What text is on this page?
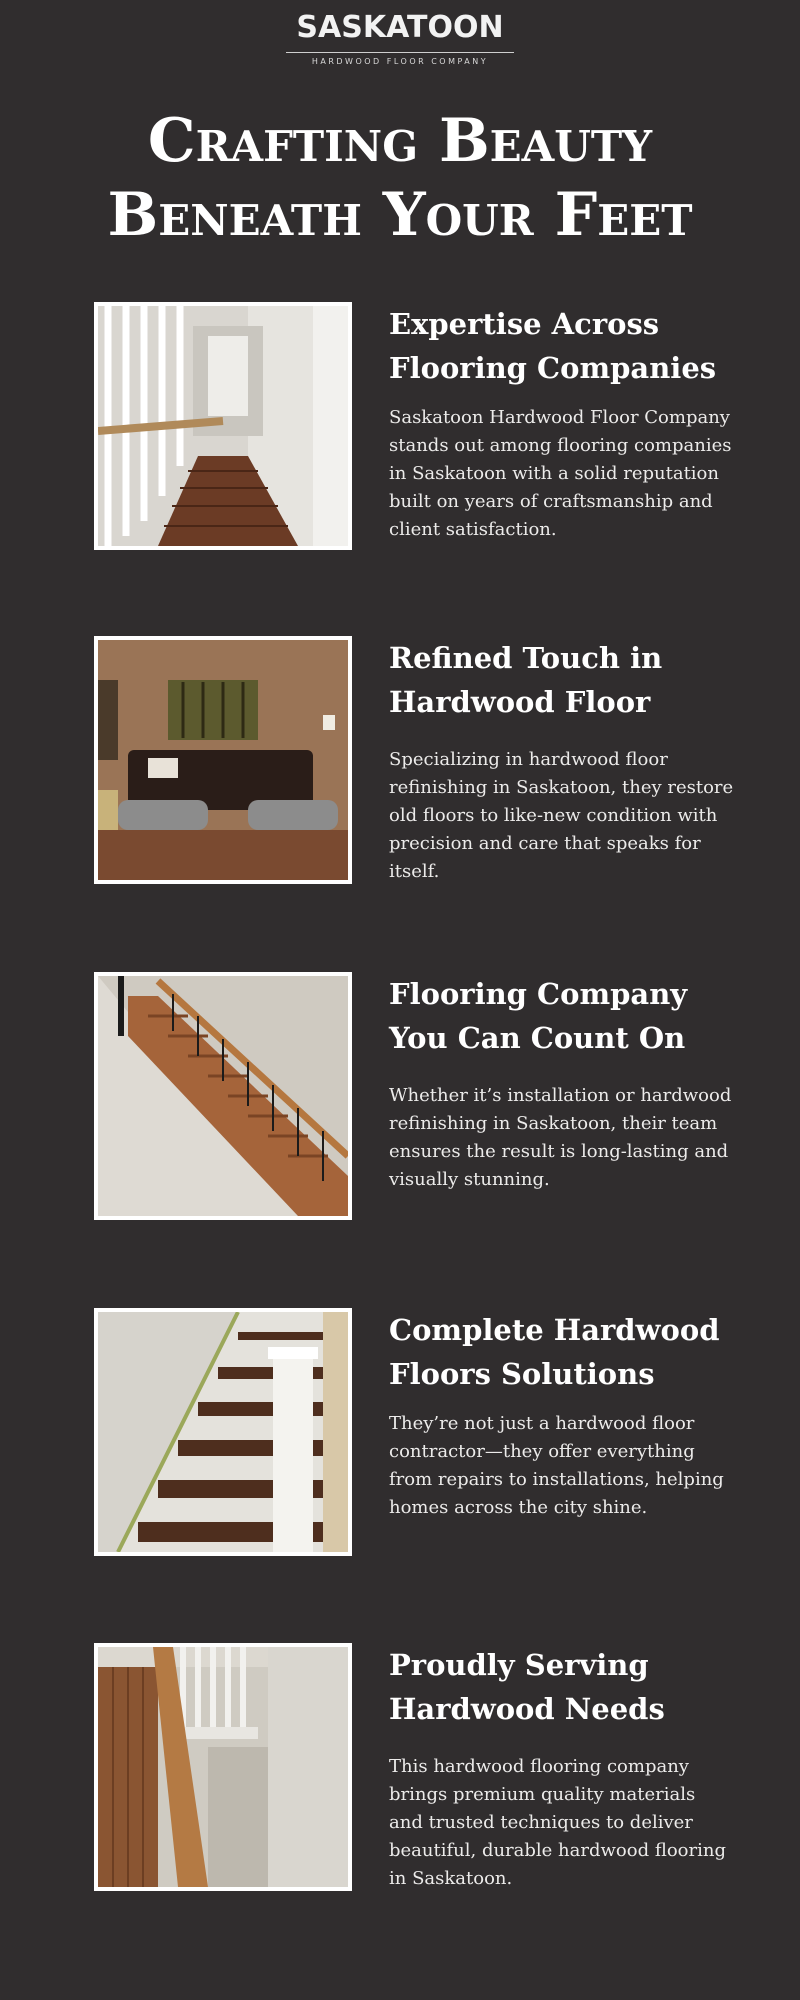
SASKATOON
HARDWOOD FLOOR COMPANY
Crafting Beauty
Beneath Your Feet
Expertise Across
Flooring Companies

Saskatoon Hardwood Floor Company stands out among flooring companies in Saskatoon with a solid reputation built on years of craftsmanship and client satisfaction.

Refined Touch in
Hardwood Floor

Specializing in hardwood floor refinishing in Saskatoon, they restore old floors to like-new condition with precision and care that speaks for itself.

Flooring Company
You Can Count On

Whether it’s installation or hardwood refinishing in Saskatoon, their team ensures the result is long-lasting and visually stunning.

Complete Hardwood
Floors Solutions

They’re not just a hardwood floor contractor—they offer everything from repairs to installations, helping homes across the city shine.

Proudly Serving
Hardwood Needs

This hardwood flooring company brings premium quality materials and trusted techniques to deliver beautiful, durable hardwood flooring in Saskatoon.
